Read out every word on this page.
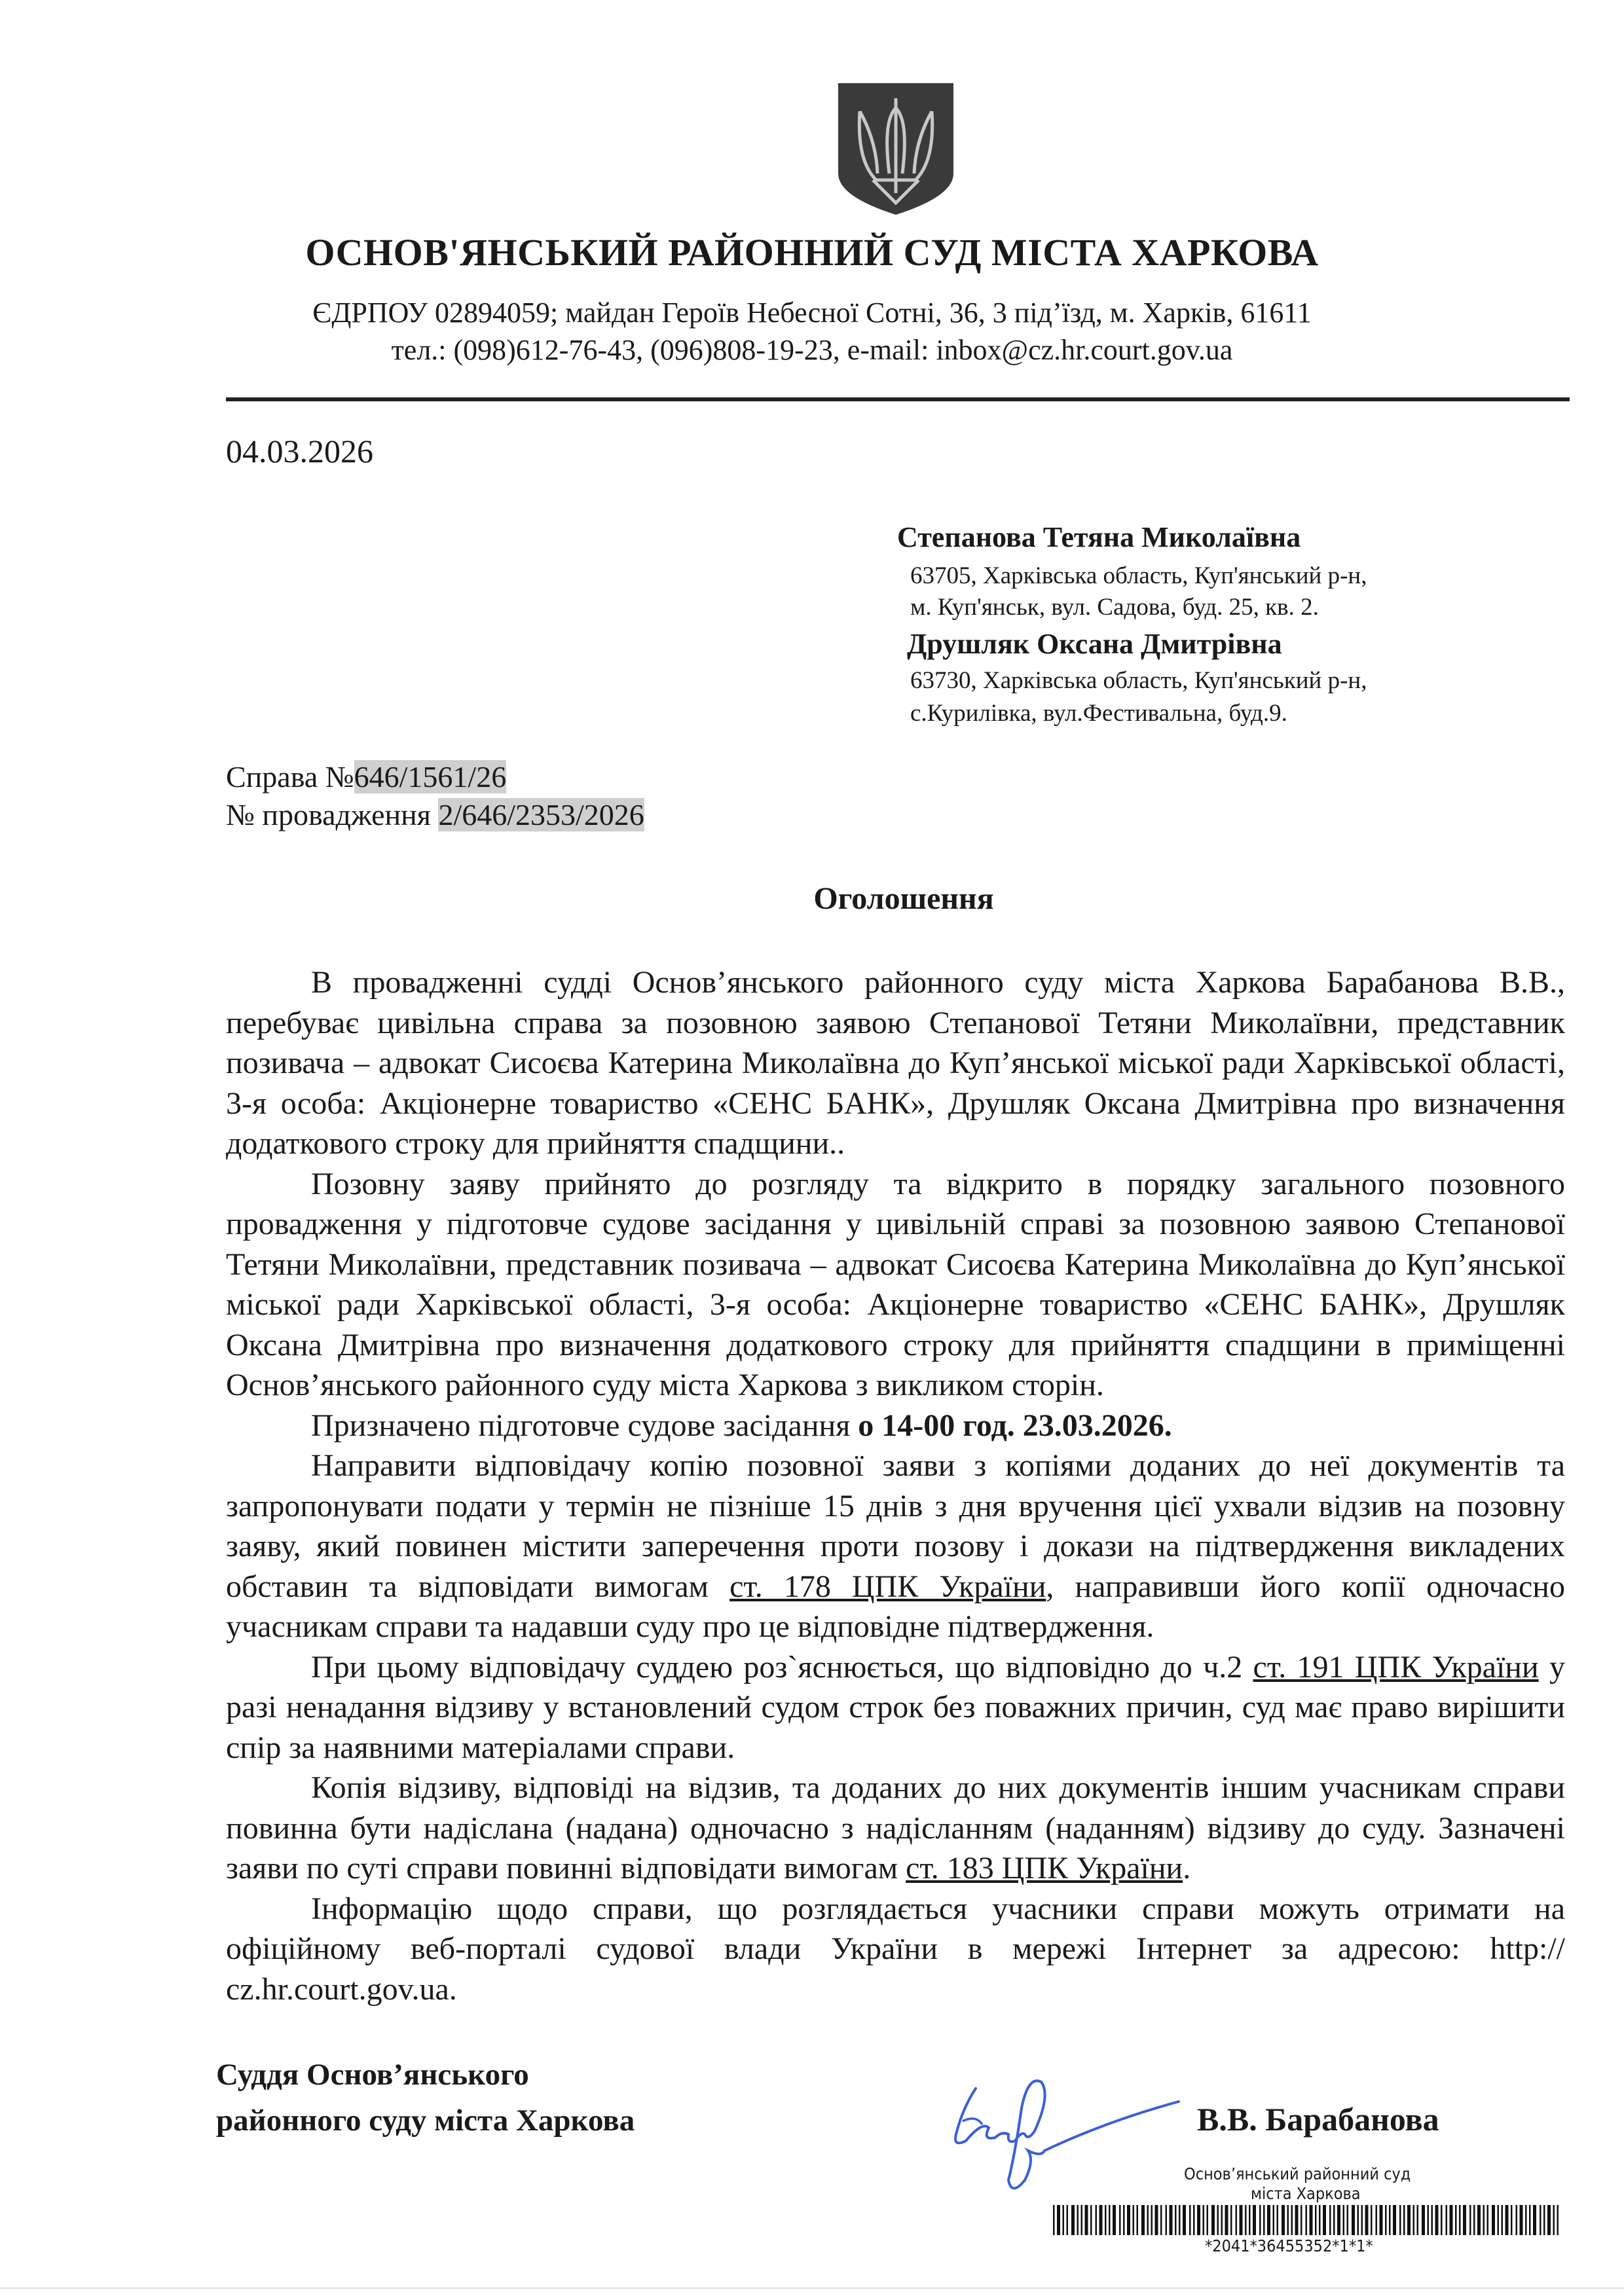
ОСНОВ'ЯНСЬКИЙ РАЙОННИЙ СУД МІСТА ХАРКОВА
ЄДРПОУ 02894059; майдан Героїв Небесної Сотні, 36, 3 під’їзд, м. Харків, 61611
тел.: (098)612-76-43, (096)808-19-23, e-mail: inbox@cz.hr.court.gov.ua
04.03.2026
Степанова Тетяна Миколаївна
63705, Харківська область, Куп'янський р-н,
м. Куп'янськ, вул. Садова, буд. 25, кв. 2.
Друшляк Оксана Дмитрівна
63730, Харківська область, Куп'янський р-н,
с.Курилівка, вул.Фестивальна, буд.9.
Справа №646/1561/26
№ провадження 2/646/2353/2026
Оголошення

В провадженні судді Основ’янського районного суду міста Харкова Барабанова В.В., перебуває цивільна справа за позовною заявою Степанової Тетяни Миколаївни, представник позивача – адвокат Сисоєва Катерина Миколаївна до Куп’янської міської ради Харківської області, 3-я особа: Акціонерне товариство «СЕНС БАНК», Друшляк Оксана Дмитрівна про визначення додаткового строку для прийняття спадщини..

Позовну заяву прийнято до розгляду та відкрито в порядку загального позовного провадження у підготовче судове засідання у цивільній справі за позовною заявою Степанової Тетяни Миколаївни, представник позивача – адвокат Сисоєва Катерина Миколаївна до Куп’янської міської ради Харківської області, 3-я особа: Акціонерне товариство «СЕНС БАНК», Друшляк Оксана Дмитрівна про визначення додаткового строку для прийняття спадщини в приміщенні Основ’янського районного суду міста Харкова з викликом сторін.

Призначено підготовче судове засідання о 14-00 год. 23.03.2026.

Направити відповідачу копію позовної заяви з копіями доданих до неї документів та запропонувати подати у термін не пізніше 15 днів з дня вручення цієї ухвали відзив на позовну заяву, який повинен містити заперечення проти позову і докази на підтвердження викладених обставин та відповідати вимогам ст. 178 ЦПК України, направивши його копії одночасно учасникам справи та надавши суду про це відповідне підтвердження.

При цьому відповідачу суддею роз`яснюється, що відповідно до ч.2 ст. 191 ЦПК України у разі ненадання відзиву у встановлений судом строк без поважних причин, суд має право вирішити спір за наявними матеріалами справи.

Копія відзиву, відповіді на відзив, та доданих до них документів іншим учасникам справи повинна бути надіслана (надана) одночасно з надісланням (наданням) відзиву до суду. Зазначені заяви по суті справи повинні відповідати вимогам ст. 183 ЦПК України.

Інформацію щодо справи, що розглядається учасники справи можуть отримати на офіційному веб-порталі судової влади України в мережі Інтернет за адресою: http:// cz.hr.court.gov.ua.

Суддя Основ’янського
районного суду міста Харкова	В.В. Барабанова
Основ’янський районний суд
міста Харкова
*2041*36455352*1*1*
